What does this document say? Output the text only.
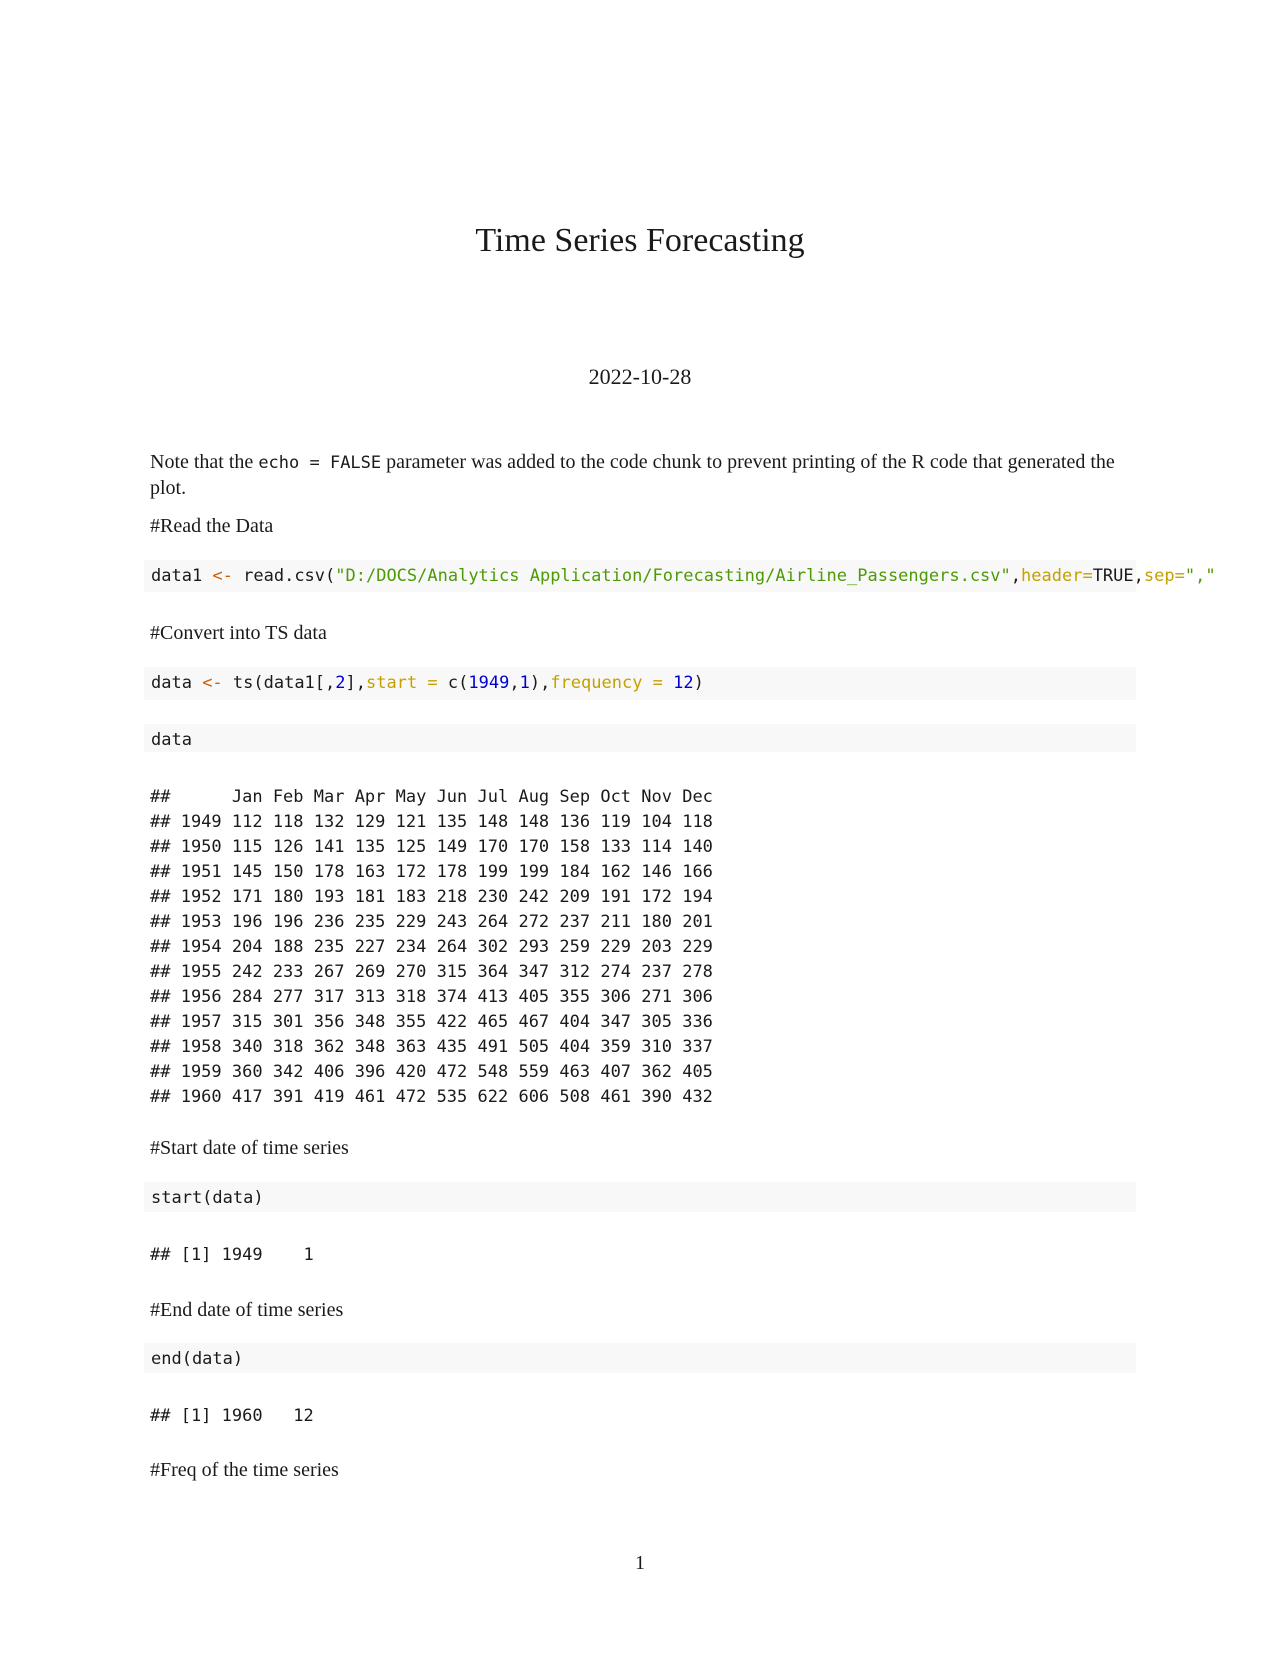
Time Series Forecasting
2022-10-28
Note that the echo = FALSE parameter was added to the code chunk to prevent printing of the R code that generated the plot.
#Read the Data
data1 <- read.csv("D:/DOCS/Analytics Application/Forecasting/Airline_Passengers.csv",header=TRUE,sep=","
#Convert into TS data
data <- ts(data1[,2],start = c(1949,1),frequency = 12)
data
##      Jan Feb Mar Apr May Jun Jul Aug Sep Oct Nov Dec
## 1949 112 118 132 129 121 135 148 148 136 119 104 118
## 1950 115 126 141 135 125 149 170 170 158 133 114 140
## 1951 145 150 178 163 172 178 199 199 184 162 146 166
## 1952 171 180 193 181 183 218 230 242 209 191 172 194
## 1953 196 196 236 235 229 243 264 272 237 211 180 201
## 1954 204 188 235 227 234 264 302 293 259 229 203 229
## 1955 242 233 267 269 270 315 364 347 312 274 237 278
## 1956 284 277 317 313 318 374 413 405 355 306 271 306
## 1957 315 301 356 348 355 422 465 467 404 347 305 336
## 1958 340 318 362 348 363 435 491 505 404 359 310 337
## 1959 360 342 406 396 420 472 548 559 463 407 362 405
## 1960 417 391 419 461 472 535 622 606 508 461 390 432
#Start date of time series
start(data)
## [1] 1949    1
#End date of time series
end(data)
## [1] 1960   12
#Freq of the time series
1
